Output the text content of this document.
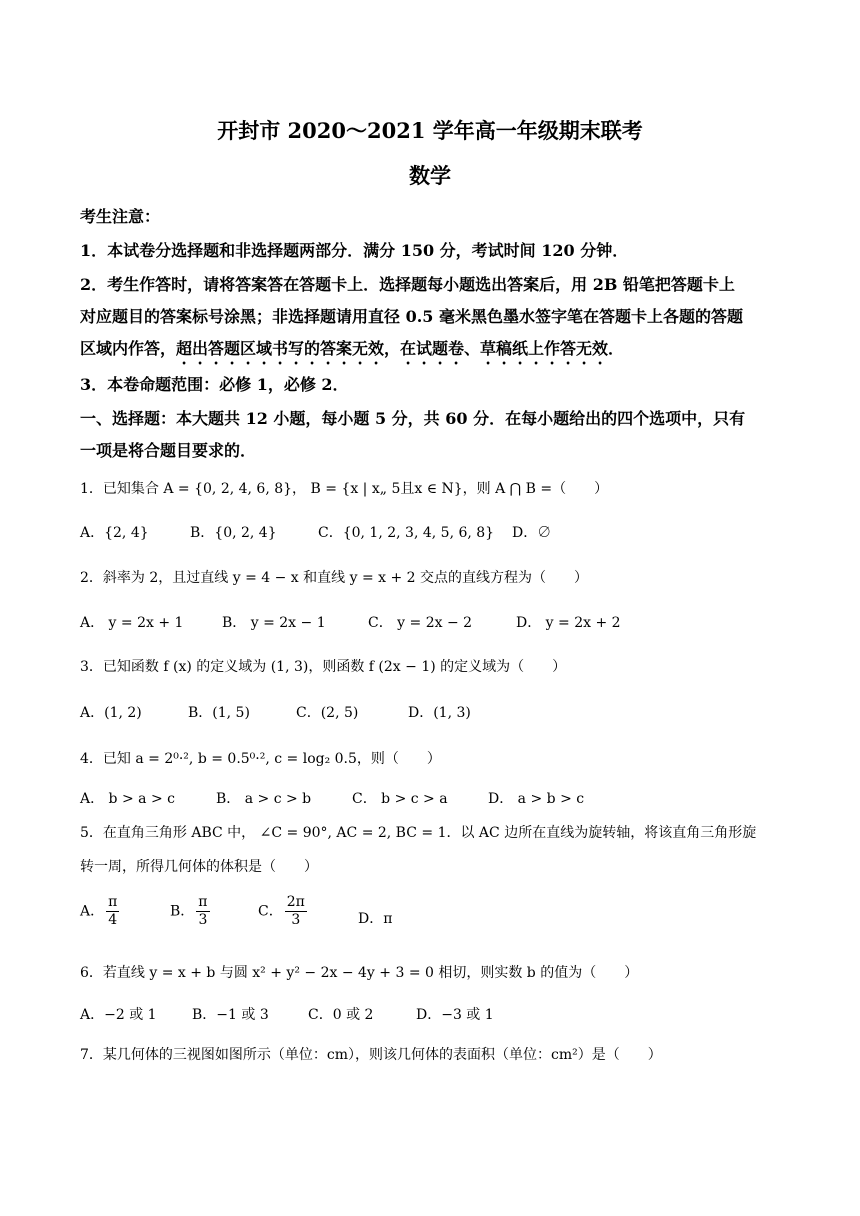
开封市 2020～2021 学年高一年级期末联考
数学
考生注意：
1．本试卷分选择题和非选择题两部分．满分 150 分，考试时间 120 分钟．
2．考生作答时，请将答案答在答题卡上．选择题每小题选出答案后，用 2B 铅笔把答题卡上
对应题目的答案标号涂黑；非选择题请用直径 0.5 毫米黑色墨水签字笔在答题卡上各题的答题
区域内作答，超出答题区域书写的答案无效，在试题卷、草稿纸上作答无效．
3．本卷命题范围：必修 1，必修 2．
一、选择题：本大题共 12 小题，每小题 5 分，共 60 分．在每小题给出的四个选项中，只有
一项是将合题目要求的．
1．已知集合 A = {0, 2, 4, 6, 8}， B = {x | x„ 5且x ∈ N}，则 A ⋂ B =（　　）
A．{2, 4}	B．{0, 2, 4}	C．{0, 1, 2, 3, 4, 5, 6, 8} D．∅
2．斜率为 2，且过直线 y = 4 − x 和直线 y = x + 2 交点的直线方程为（　　）
A． y = 2x + 1	B． y = 2x − 1	C． y = 2x − 2	D． y = 2x + 2
3．已知函数 f (x) 的定义域为 (1, 3)，则函数 f (2x − 1) 的定义域为（　　）
A．(1, 2)	B．(1, 5)	C．(2, 5)	D．(1, 3)
4．已知 a = 2⁰·², b = 0.5⁰·², c = log₂ 0.5，则（　　）
A． b > a > c	B． a > c > b	C． b > c > a	D． a > b > c
5．在直角三角形 ABC 中， ∠C = 90°, AC = 2, BC = 1．以 AC 边所在直线为旋转轴，将该直角三角形旋
转一周，所得几何体的体积是（　　）
A． $\frac{\pi}{4}$	B． $\frac{\pi}{3}$	C． $\frac{2\pi}{3}$	D．π
6．若直线 y = x + b 与圆 x² + y² − 2x − 4y + 3 = 0 相切，则实数 b 的值为（　　）
A．−2 或 1	B．−1 或 3	C．0 或 2	D．−3 或 1
7．某几何体的三视图如图所示（单位：cm），则该几何体的表面积（单位：cm²）是（　　）
